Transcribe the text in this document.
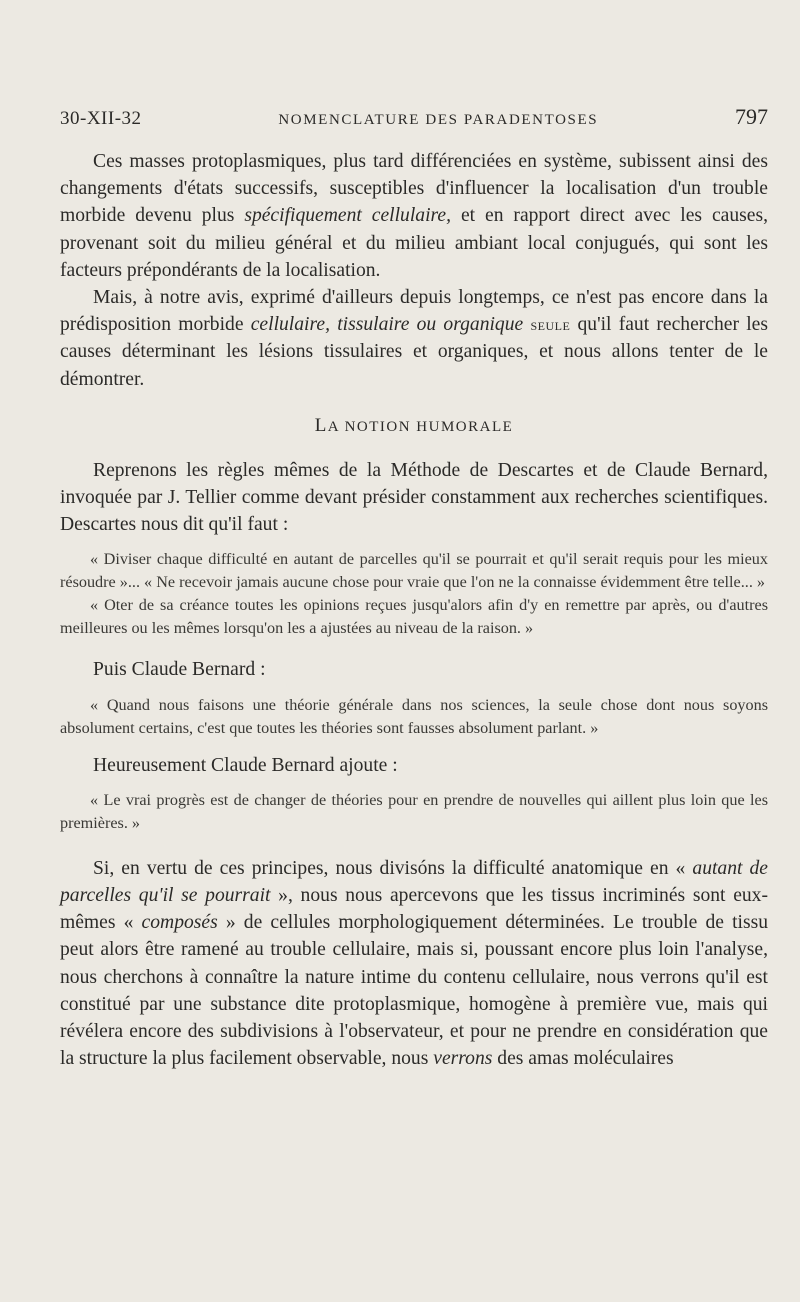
30-XII-32	NOMENCLATURE DES PARADENTOSES	797

Ces masses protoplasmiques, plus tard différenciées en système, subissent ainsi des changements d'états successifs, susceptibles d'influencer la localisation d'un trouble morbide devenu plus spécifiquement cellulaire, et en rapport direct avec les causes, provenant soit du milieu général et du milieu ambiant local conjugués, qui sont les facteurs prépondérants de la localisation.

Mais, à notre avis, exprimé d'ailleurs depuis longtemps, ce n'est pas encore dans la prédisposition morbide cellulaire, tissulaire ou organique seule qu'il faut rechercher les causes déterminant les lésions tissulaires et organiques, et nous allons tenter de le démontrer.

LA NOTION HUMORALE

Reprenons les règles mêmes de la Méthode de Descartes et de Claude Bernard, invoquée par J. Tellier comme devant présider constamment aux recherches scientifiques. Descartes nous dit qu'il faut :

« Diviser chaque difficulté en autant de parcelles qu'il se pourrait et qu'il serait requis pour les mieux résoudre »... « Ne recevoir jamais aucune chose pour vraie que l'on ne la connaisse évidemment être telle... »

« Oter de sa créance toutes les opinions reçues jusqu'alors afin d'y en remettre par après, ou d'autres meilleures ou les mêmes lorsqu'on les a ajustées au niveau de la raison. »

Puis Claude Bernard :

« Quand nous faisons une théorie générale dans nos sciences, la seule chose dont nous soyons absolument certains, c'est que toutes les théories sont fausses absolument parlant. »

Heureusement Claude Bernard ajoute :

« Le vrai progrès est de changer de théories pour en prendre de nouvelles qui aillent plus loin que les premières. »

Si, en vertu de ces principes, nous divisóns la difficulté anatomique en « autant de parcelles qu'il se pourrait », nous nous apercevons que les tissus incriminés sont eux-mêmes « composés » de cellules morphologiquement déterminées. Le trouble de tissu peut alors être ramené au trouble cellulaire, mais si, poussant encore plus loin l'analyse, nous cherchons à connaître la nature intime du contenu cellulaire, nous verrons qu'il est constitué par une substance dite protoplasmique, homogène à première vue, mais qui révélera encore des subdivisions à l'observateur, et pour ne prendre en considération que la structure la plus facilement observable, nous verrons des amas moléculaires
